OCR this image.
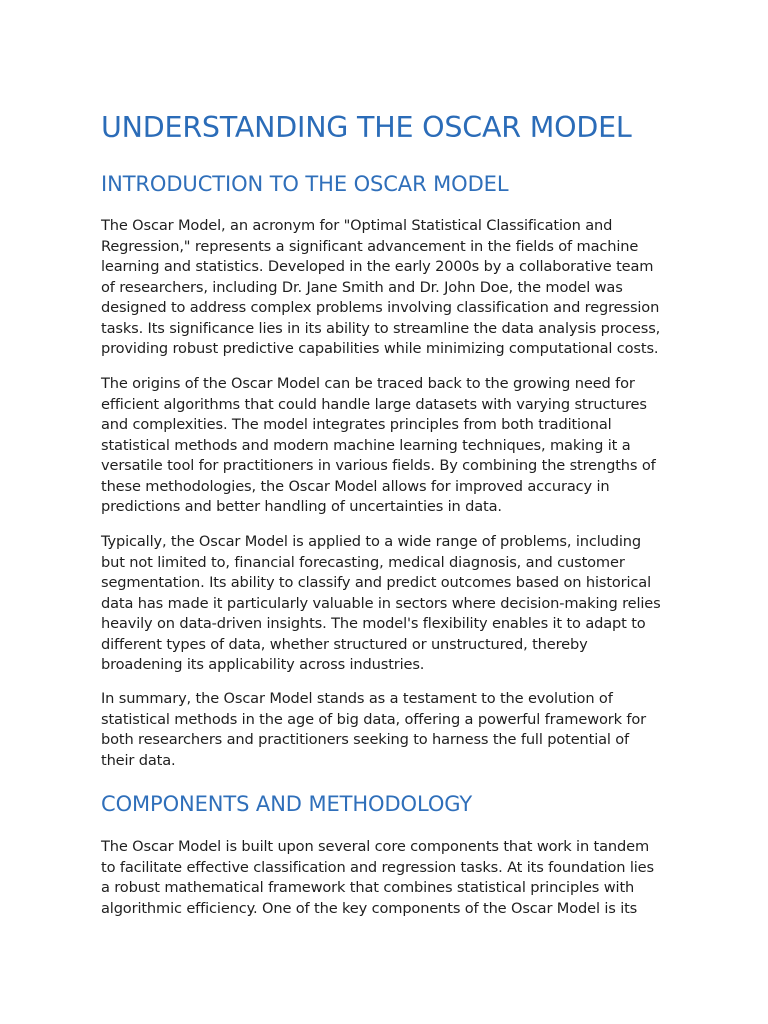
UNDERSTANDING THE OSCAR MODEL
INTRODUCTION TO THE OSCAR MODEL

The Oscar Model, an acronym for "Optimal Statistical Classification and
Regression," represents a significant advancement in the fields of machine
learning and statistics. Developed in the early 2000s by a collaborative team
of researchers, including Dr. Jane Smith and Dr. John Doe, the model was
designed to address complex problems involving classification and regression
tasks. Its significance lies in its ability to streamline the data analysis process,
providing robust predictive capabilities while minimizing computational costs.

The origins of the Oscar Model can be traced back to the growing need for
efficient algorithms that could handle large datasets with varying structures
and complexities. The model integrates principles from both traditional
statistical methods and modern machine learning techniques, making it a
versatile tool for practitioners in various fields. By combining the strengths of
these methodologies, the Oscar Model allows for improved accuracy in
predictions and better handling of uncertainties in data.

Typically, the Oscar Model is applied to a wide range of problems, including
but not limited to, financial forecasting, medical diagnosis, and customer
segmentation. Its ability to classify and predict outcomes based on historical
data has made it particularly valuable in sectors where decision-making relies
heavily on data-driven insights. The model's flexibility enables it to adapt to
different types of data, whether structured or unstructured, thereby
broadening its applicability across industries.

In summary, the Oscar Model stands as a testament to the evolution of
statistical methods in the age of big data, offering a powerful framework for
both researchers and practitioners seeking to harness the full potential of
their data.

COMPONENTS AND METHODOLOGY

The Oscar Model is built upon several core components that work in tandem
to facilitate effective classification and regression tasks. At its foundation lies
a robust mathematical framework that combines statistical principles with
algorithmic efficiency. One of the key components of the Oscar Model is its
